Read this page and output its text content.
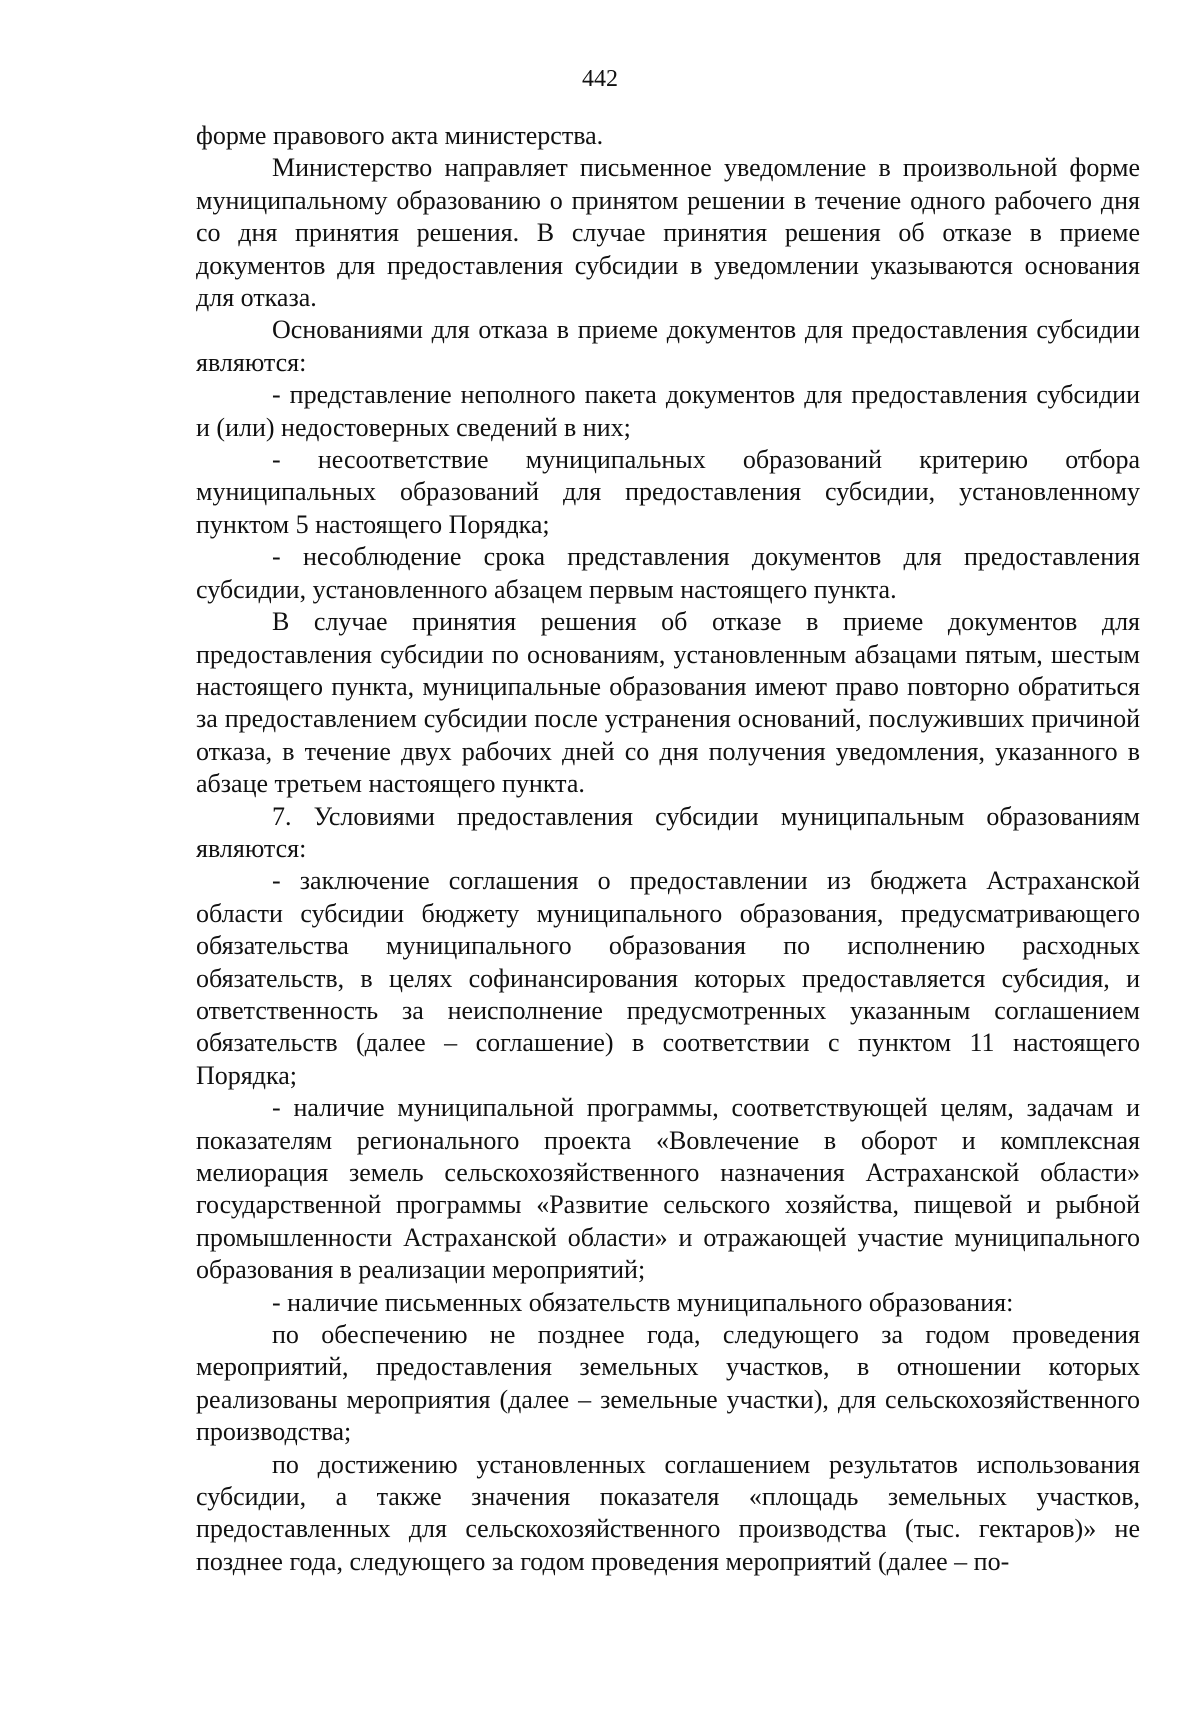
442

форме правового акта министерства.

Министерство направляет письменное уведомление в произвольной форме муниципальному образованию о принятом решении в течение одного рабочего дня со дня принятия решения. В случае принятия решения об отказе в приеме документов для предоставления субсидии в уведомлении указываются основания для отказа.

Основаниями для отказа в приеме документов для предоставления субсидии являются:

- представление неполного пакета документов для предоставления субсидии и (или) недостоверных сведений в них;

- несоответствие муниципальных образований критерию отбора муниципальных образований для предоставления субсидии, установленному пунктом 5 настоящего Порядка;

- несоблюдение срока представления документов для предоставления субсидии, установленного абзацем первым настоящего пункта.

В случае принятия решения об отказе в приеме документов для предоставления субсидии по основаниям, установленным абзацами пятым, шестым настоящего пункта, муниципальные образования имеют право повторно обратиться за предоставлением субсидии после устранения оснований, послуживших причиной отказа, в течение двух рабочих дней со дня получения уведомления, указанного в абзаце третьем настоящего пункта.

7. Условиями предоставления субсидии муниципальным образованиям являются:

- заключение соглашения о предоставлении из бюджета Астраханской области субсидии бюджету муниципального образования, предусматривающего обязательства муниципального образования по исполнению расходных обязательств, в целях софинансирования которых предоставляется субсидия, и ответственность за неисполнение предусмотренных указанным соглашением обязательств (далее – соглашение) в соответствии с пунктом 11 настоящего Порядка;

- наличие муниципальной программы, соответствующей целям, задачам и показателям регионального проекта «Вовлечение в оборот и комплексная мелиорация земель сельскохозяйственного назначения Астраханской области» государственной программы «Развитие сельского хозяйства, пищевой и рыбной промышленности Астраханской области» и отражающей участие муниципального образования в реализации мероприятий;

- наличие письменных обязательств муниципального образования:

по обеспечению не позднее года, следующего за годом проведения мероприятий, предоставления земельных участков, в отношении которых реализованы мероприятия (далее – земельные участки), для сельскохозяйственного производства;

по достижению установленных соглашением результатов использования субсидии, а также значения показателя «площадь земельных участков, предоставленных для сельскохозяйственного производства (тыс. гектаров)» не позднее года, следующего за годом проведения мероприятий (далее – по-
